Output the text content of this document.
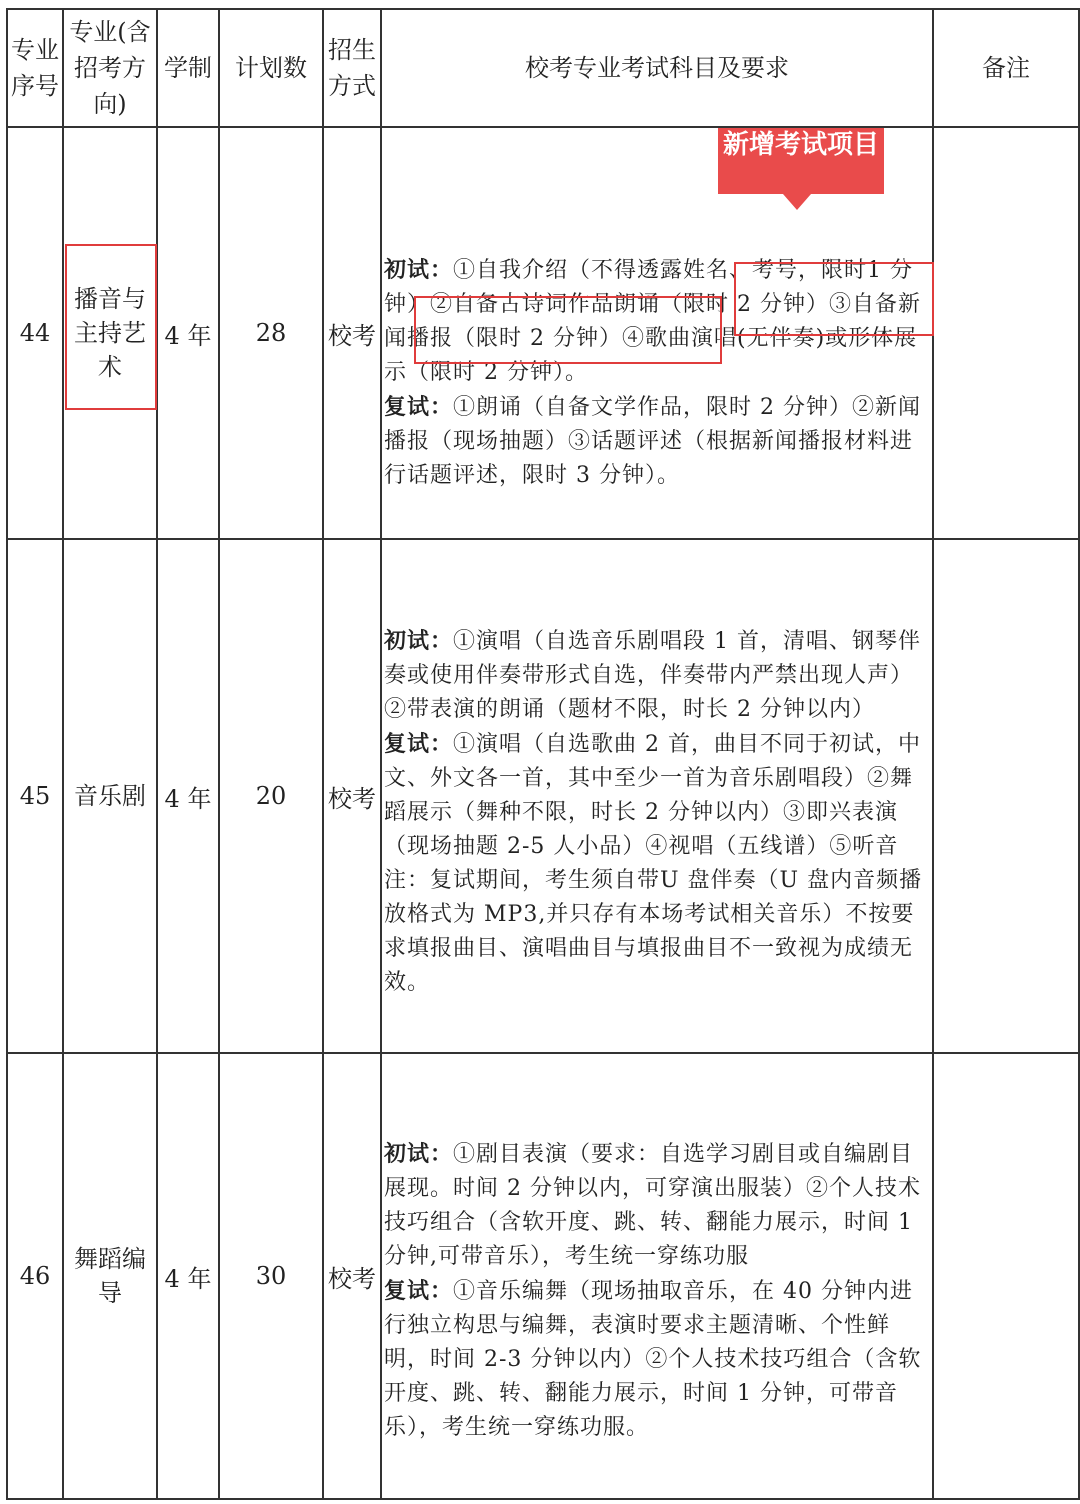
专业序号	专业(含招考方向)	学制	计划数	招生方式	校考专业考试科目及要求	备注
44	播音与主持艺术	4 年	28	校考	初试：①自我介绍（不得透露姓名、考号，限时1 分钟）②自备古诗词作品朗诵（限时 2 分钟）③自备新闻播报（限时 2 分钟）④歌曲演唱(无伴奏)或形体展示（限时 2 分钟）。

复试：①朗诵（自备文学作品，限时 2 分钟）②新闻播报（现场抽题）③话题评述（根据新闻播报材料进行话题评述，限时 3 分钟）。	

45	音乐剧	4 年	20	校考	初试：①演唱（自选音乐剧唱段 1 首，清唱、钢琴伴奏或使用伴奏带形式自选，伴奏带内严禁出现人声）②带表演的朗诵（题材不限，时长 2 分钟以内）

复试：①演唱（自选歌曲 2 首，曲目不同于初试，中文、外文各一首，其中至少一首为音乐剧唱段）②舞蹈展示（舞种不限，时长 2 分钟以内）③即兴表演（现场抽题 2-5 人小品）④视唱（五线谱）⑤听音

注：复试期间，考生须自带U 盘伴奏（U 盘内音频播放格式为 MP3,并只存有本场考试相关音乐）不按要求填报曲目、演唱曲目与填报曲目不一致视为成绩无效。	

46	舞蹈编导	4 年	30	校考	初试：①剧目表演（要求：自选学习剧目或自编剧目展现。时间 2 分钟以内，可穿演出服装）②个人技术技巧组合（含软开度、跳、转、翻能力展示，时间 1 分钟,可带音乐），考生统一穿练功服

复试：①音乐编舞（现场抽取音乐，在 40 分钟内进行独立构思与编舞，表演时要求主题清晰、个性鲜明，时间 2-3 分钟以内）②个人技术技巧组合（含软开度、跳、转、翻能力展示，时间 1 分钟，可带音乐），考生统一穿练功服。	

新增考试项目
